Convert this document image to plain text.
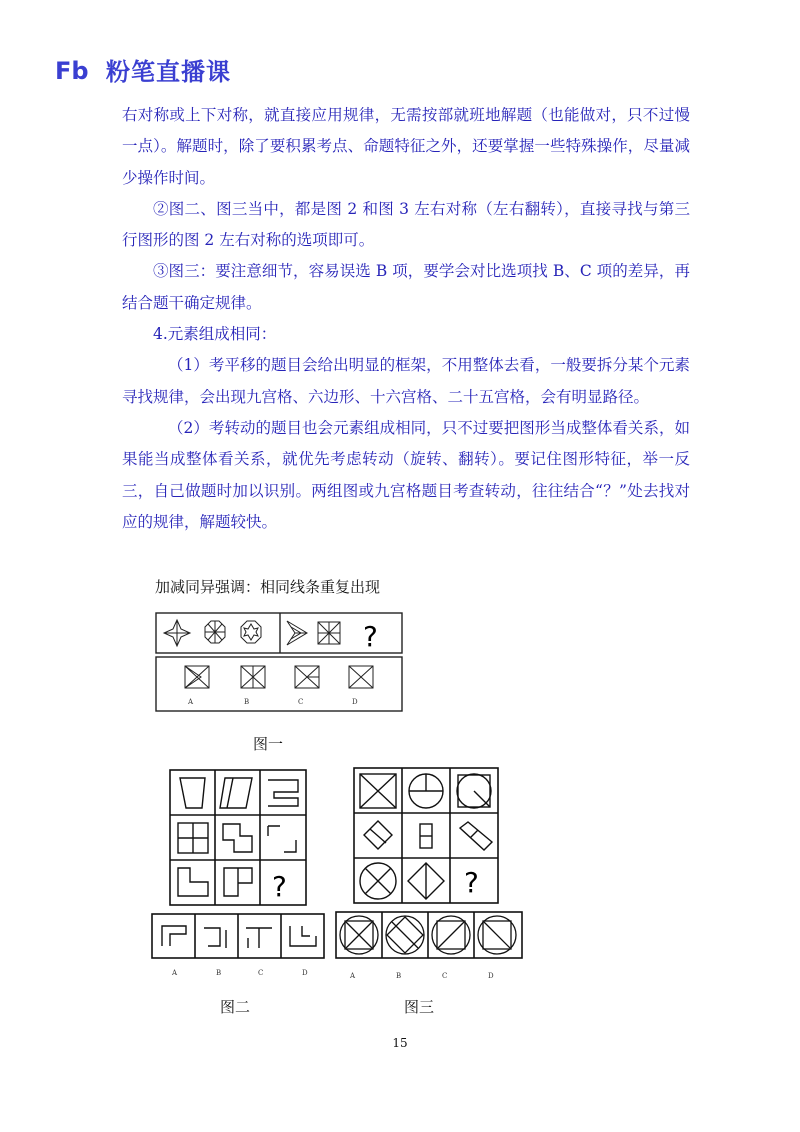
Fb 粉笔直播课

右对称或上下对称，就直接应用规律，无需按部就班地解题（也能做对，只不过慢一点）。解题时，除了要积累考点、命题特征之外，还要掌握一些特殊操作，尽量减少操作时间。

②图二、图三当中，都是图 2 和图 3 左右对称（左右翻转），直接寻找与第三行图形的图 2 左右对称的选项即可。

③图三：要注意细节，容易误选 B 项，要学会对比选项找 B、C 项的差异，再结合题干确定规律。

4.元素组成相同：

（1）考平移的题目会给出明显的框架，不用整体去看，一般要拆分某个元素寻找规律，会出现九宫格、六边形、十六宫格、二十五宫格，会有明显路径。

（2）考转动的题目也会元素组成相同，只不过要把图形当成整体看关系，如果能当成整体看关系，就优先考虑转动（旋转、翻转）。要记住图形特征，举一反三，自己做题时加以识别。两组图或九宫格题目考查转动，往往结合“？”处去找对应的规律，解题较快。

加减同异强调：相同线条重复出现
?
A	B	C	D
图一
?
A	B	C	D
图二
?
A	B	C	D
图三
15
